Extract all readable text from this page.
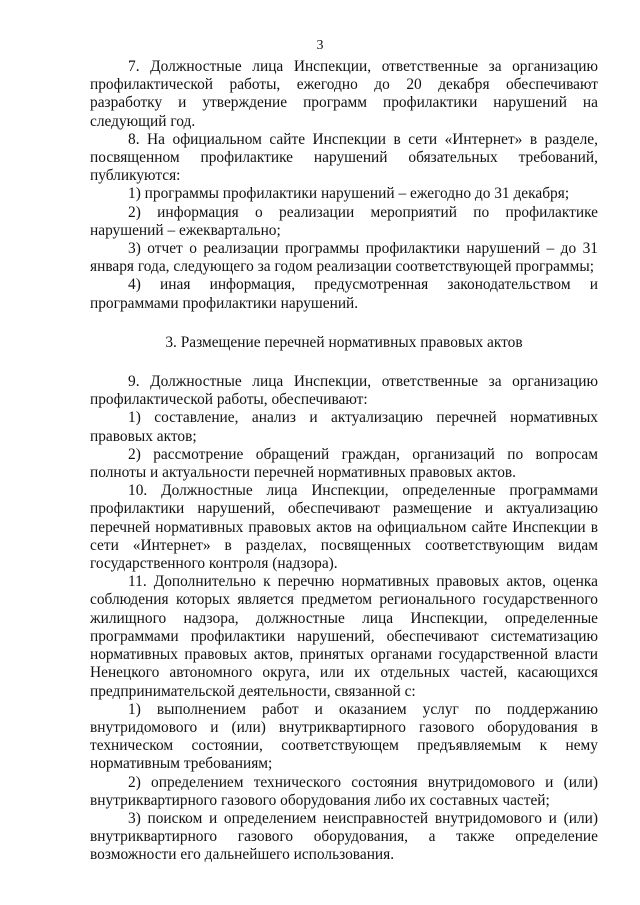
3

7. Должностные лица Инспекции, ответственные за организацию профилактической работы, ежегодно до 20 декабря обеспечивают разработку и утверждение программ профилактики нарушений на следующий год.

8. На официальном сайте Инспекции в сети «Интернет» в разделе, посвященном профилактике нарушений обязательных требований, публикуются:

1) программы профилактики нарушений – ежегодно до 31 декабря;

2) информация о реализации мероприятий по профилактике нарушений – ежеквартально;

3) отчет о реализации программы профилактики нарушений – до 31 января года, следующего за годом реализации соответствующей программы;

4) иная информация, предусмотренная законодательством и программами профилактики нарушений.

3. Размещение перечней нормативных правовых актов

9. Должностные лица Инспекции, ответственные за организацию профилактической работы, обеспечивают:

1) составление, анализ и актуализацию перечней нормативных правовых актов;

2) рассмотрение обращений граждан, организаций по вопросам полноты и актуальности перечней нормативных правовых актов.

10. Должностные лица Инспекции, определенные программами профилактики нарушений, обеспечивают размещение и актуализацию перечней нормативных правовых актов на официальном сайте Инспекции в сети «Интернет» в разделах, посвященных соответствующим видам государственного контроля (надзора).

11. Дополнительно к перечню нормативных правовых актов, оценка соблюдения которых является предметом регионального государственного жилищного надзора, должностные лица Инспекции, определенные программами профилактики нарушений, обеспечивают систематизацию нормативных правовых актов, принятых органами государственной власти Ненецкого автономного округа, или их отдельных частей, касающихся предпринимательской деятельности, связанной с:

1) выполнением работ и оказанием услуг по поддержанию внутридомового и (или) внутриквартирного газового оборудования в техническом состоянии, соответствующем предъявляемым к нему нормативным требованиям;

2) определением технического состояния внутридомового и (или) внутриквартирного газового оборудования либо их составных частей;

3) поиском и определением неисправностей внутридомового и (или) внутриквартирного газового оборудования, а также определение возможности его дальнейшего использования.
